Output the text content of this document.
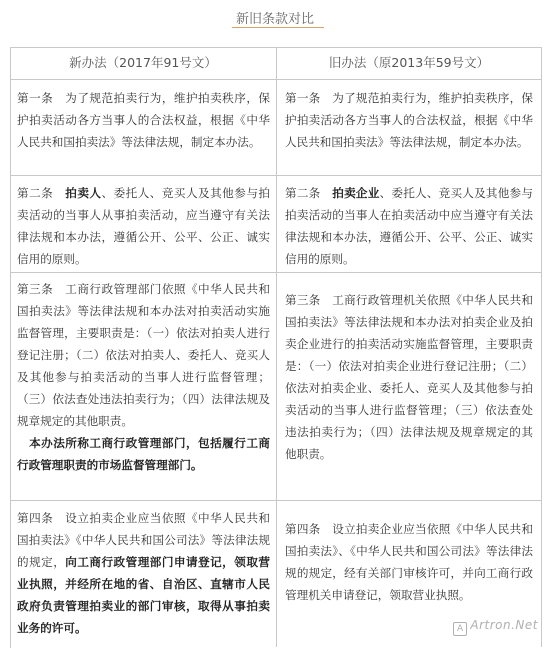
新旧条款对比
新办法（2017年91号文）	旧办法（原2013年59号文）

第一条　为了规范拍卖行为，维护拍卖秩序，保护拍卖活动各方当事人的合法权益，根据《中华人民共和国拍卖法》等法律法规，制定本办法。

第一条　为了规范拍卖行为，维护拍卖秩序，保护拍卖活动各方当事人的合法权益，根据《中华人民共和国拍卖法》等法律法规，制定本办法。

第二条　拍卖人、委托人、竞买人及其他参与拍卖活动的当事人从事拍卖活动，应当遵守有关法律法规和本办法，遵循公开、公平、公正、诚实信用的原则。

第二条　拍卖企业、委托人、竞买人及其他参与拍卖活动的当事人在拍卖活动中应当遵守有关法律法规和本办法，遵循公开、公平、公正、诚实信用的原则。

第三条　工商行政管理部门依照《中华人民共和国拍卖法》等法律法规和本办法对拍卖活动实施监督管理，主要职责是：（一）依法对拍卖人进行登记注册；（二）依法对拍卖人、委托人、竞买人及其他参与拍卖活动的当事人进行监督管理；（三）依法查处违法拍卖行为；（四）法律法规及规章规定的其他职责。
　本办法所称工商行政管理部门，包括履行工商行政管理职责的市场监督管理部门。

第三条　工商行政管理机关依照《中华人民共和国拍卖法》等法律法规和本办法对拍卖企业及拍卖企业进行的拍卖活动实施监督管理，主要职责是：（一）依法对拍卖企业进行登记注册；（二）依法对拍卖企业、委托人、竞买人及其他参与拍卖活动的当事人进行监督管理；（三）依法查处违法拍卖行为；（四）法律法规及规章规定的其他职责。

第四条　设立拍卖企业应当依照《中华人民共和国拍卖法》《中华人民共和国公司法》等法律法规的规定，向工商行政管理部门申请登记，领取营业执照，并经所在地的省、自治区、直辖市人民政府负责管理拍卖业的部门审核，取得从事拍卖业务的许可。

第四条　设立拍卖企业应当依照《中华人民共和国拍卖法》、《中华人民共和国公司法》等法律法规的规定，经有关部门审核许可，并向工商行政管理机关申请登记，领取营业执照。

A Artron.Net
